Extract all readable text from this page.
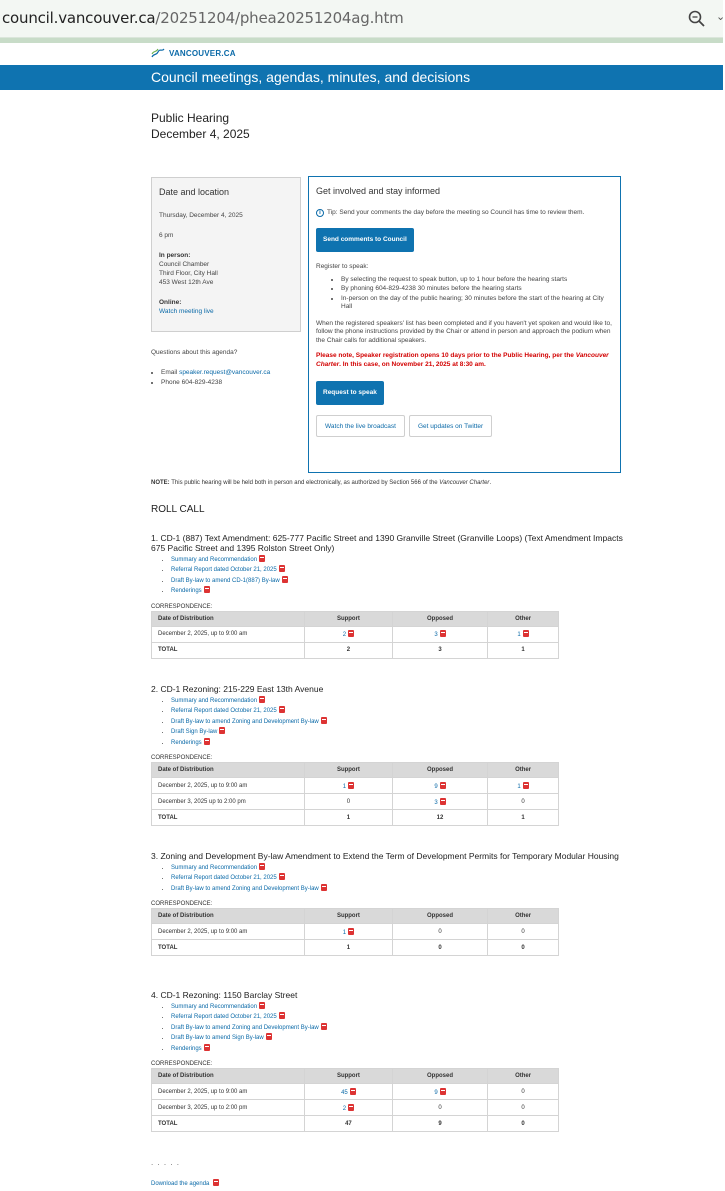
council.vancouver.ca/20251204/phea20251204ag.htm	⌄
VANCOUVER.CA
Council meetings, agendas, minutes, and decisions
Public Hearing
December 4, 2025
Date and location

Thursday, December 4, 2025

6 pm

In person:
Council Chamber
Third Floor, City Hall
453 West 12th Ave

Online:
Watch meeting live

Questions about this agenda?
• Email speaker.request@vancouver.ca
• Phone 604-829-4238
Get involved and stay informed
i Tip: Send your comments the day before the meeting so Council has time to review them.
Send comments to Council
Register to speak:
• By selecting the request to speak button, up to 1 hour before the hearing starts
• By phoning 604-829-4238 30 minutes before the hearing starts
• In-person on the day of the public hearing; 30 minutes before the start of the hearing at City Hall
When the registered speakers' list has been completed and if you haven't yet spoken and would like to, follow the phone instructions provided by the Chair or attend in person and approach the podium when the Chair calls for additional speakers.
Please note, Speaker registration opens 10 days prior to the Public Hearing, per the Vancouver Charter. In this case, on November 21, 2025 at 8:30 am.
Request to speak
Watch the live broadcast	Get updates on Twitter
NOTE: This public hearing will be held both in person and electronically, as authorized by Section 566 of the Vancouver Charter.
ROLL CALL
1. CD-1 (887) Text Amendment: 625-777 Pacific Street and 1390 Granville Street (Granville Loops) (Text Amendment Impacts 675 Pacific Street and 1395 Rolston Street Only)
• Summary and Recommendation
• Referral Report dated October 21, 2025
• Draft By-law to amend CD-1(887) By-law
• Renderings
CORRESPONDENCE:
Date of Distribution	Support	Opposed	Other
December 2, 2025, up to 9:00 am	2	3	1
TOTAL	2	3	1
2. CD-1 Rezoning: 215-229 East 13th Avenue
• Summary and Recommendation
• Referral Report dated October 21, 2025
• Draft By-law to amend Zoning and Development By-law
• Draft Sign By-law
• Renderings
CORRESPONDENCE:
Date of Distribution	Support	Opposed	Other
December 2, 2025, up to 9:00 am	1	9	1
December 3, 2025 up to 2:00 pm	0	3	0
TOTAL	1	12	1
3. Zoning and Development By-law Amendment to Extend the Term of Development Permits for Temporary Modular Housing
• Summary and Recommendation
• Referral Report dated October 21, 2025
• Draft By-law to amend Zoning and Development By-law
CORRESPONDENCE:
Date of Distribution	Support	Opposed	Other
December 2, 2025, up to 9:00 am	1	0	0
TOTAL	1	0	0
4. CD-1 Rezoning: 1150 Barclay Street
• Summary and Recommendation
• Referral Report dated October 21, 2025
• Draft By-law to amend Zoning and Development By-law
• Draft By-law to amend Sign By-law
• Renderings
CORRESPONDENCE:
Date of Distribution	Support	Opposed	Other
December 2, 2025, up to 9:00 am	45	9	0
December 3, 2025, up to 2:00 pm	2	0	0
TOTAL	47	9	0
. . . . .
Download the agenda
